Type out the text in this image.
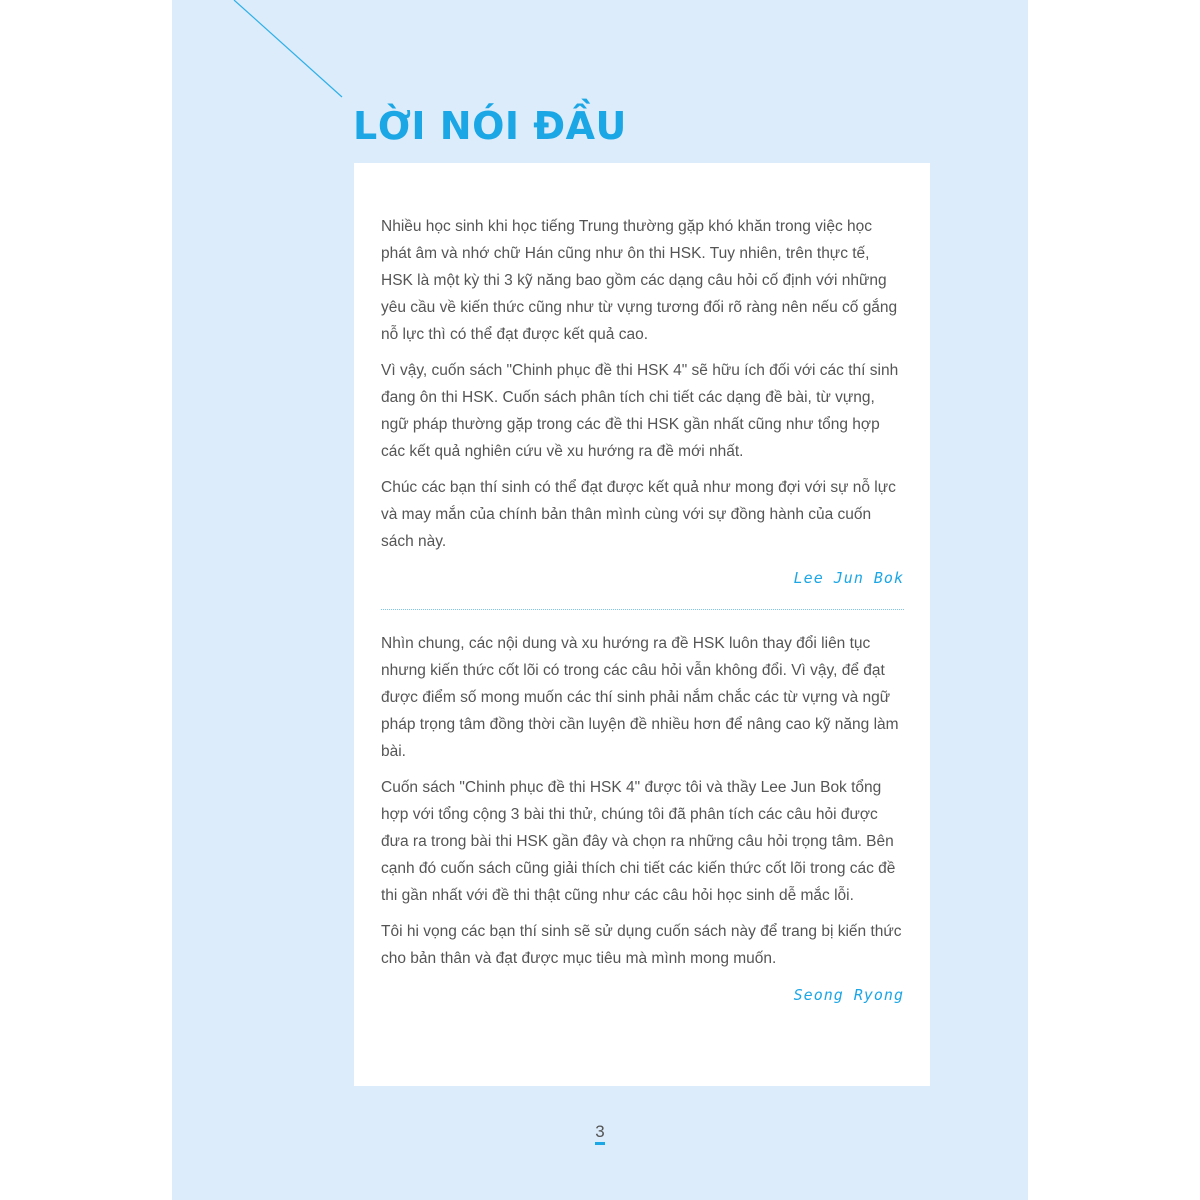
LỜI NÓI ĐẦU

Nhiều học sinh khi học tiếng Trung thường gặp khó khăn trong việc học phát âm và nhớ chữ Hán cũng như ôn thi HSK. Tuy nhiên, trên thực tế, HSK là một kỳ thi 3 kỹ năng bao gồm các dạng câu hỏi cố định với những yêu cầu về kiến thức cũng như từ vựng tương đối rõ ràng nên nếu cố gắng nỗ lực thì có thể đạt được kết quả cao.

Vì vậy, cuốn sách "Chinh phục đề thi HSK 4" sẽ hữu ích đối với các thí sinh đang ôn thi HSK. Cuốn sách phân tích chi tiết các dạng đề bài, từ vựng, ngữ pháp thường gặp trong các đề thi HSK gần nhất cũng như tổng hợp các kết quả nghiên cứu về xu hướng ra đề mới nhất.

Chúc các bạn thí sinh có thể đạt được kết quả như mong đợi với sự nỗ lực và may mắn của chính bản thân mình cùng với sự đồng hành của cuốn sách này.

Lee Jun Bok

Nhìn chung, các nội dung và xu hướng ra đề HSK luôn thay đổi liên tục nhưng kiến thức cốt lõi có trong các câu hỏi vẫn không đổi. Vì vậy, để đạt được điểm số mong muốn các thí sinh phải nắm chắc các từ vựng và ngữ pháp trọng tâm đồng thời cần luyện đề nhiều hơn để nâng cao kỹ năng làm bài.

Cuốn sách "Chinh phục đề thi HSK 4" được tôi và thầy Lee Jun Bok tổng hợp với tổng cộng 3 bài thi thử, chúng tôi đã phân tích các câu hỏi được đưa ra trong bài thi HSK gần đây và chọn ra những câu hỏi trọng tâm. Bên cạnh đó cuốn sách cũng giải thích chi tiết các kiến thức cốt lõi trong các đề thi gần nhất với đề thi thật cũng như các câu hỏi học sinh dễ mắc lỗi.

Tôi hi vọng các bạn thí sinh sẽ sử dụng cuốn sách này để trang bị kiến thức cho bản thân và đạt được mục tiêu mà mình mong muốn.

Seong Ryong

3
